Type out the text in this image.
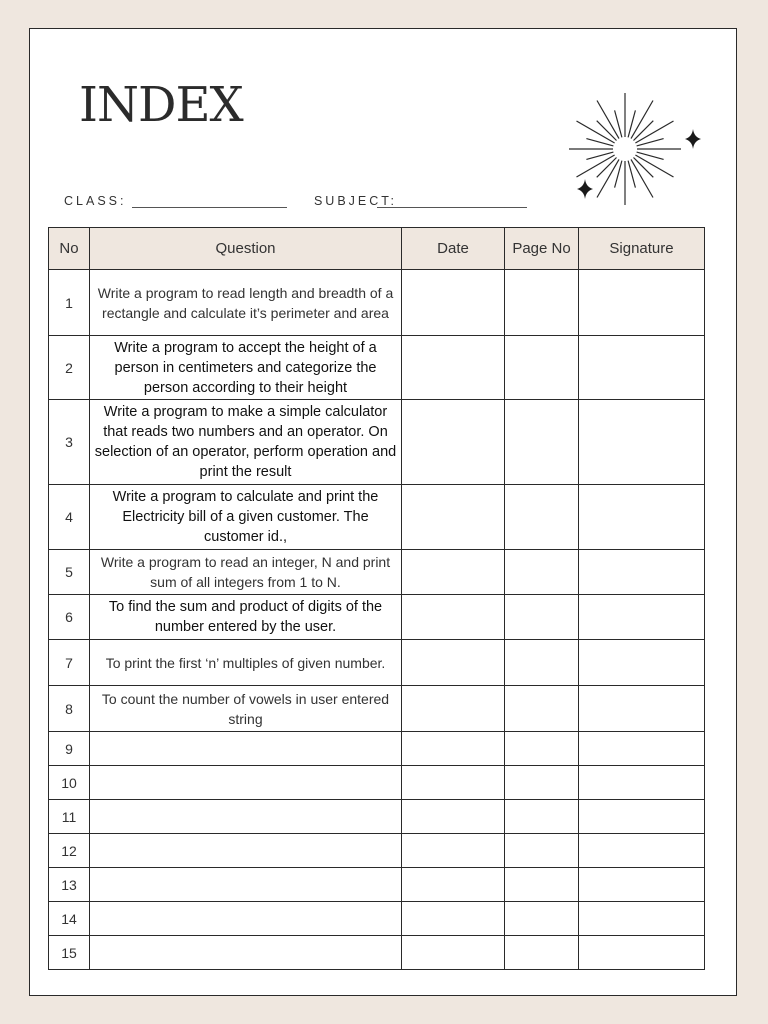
INDEX
CLASS:	SUBJECT:
No	Question	Date	Page No	Signature
1	Write a program to read length and breadth of a rectangle and calculate it’s perimeter and area			
2	Write a program to accept the height of a person in centimeters and categorize the person according to their height			
3	Write a program to make a simple calculator that reads two numbers and an operator. On selection of an operator, perform operation and print the result			
4	Write a program to calculate and print the Electricity bill of a given customer. The customer id.,			
5	Write a program to read an integer, N and print sum of all integers from 1 to N.			
6	To find the sum and product of digits of the number entered by the user.			
7	To print the first ‘n’ multiples of given number.			
8	To count the number of vowels in user entered string			
9				
10				
11				
12				
13				
14				
15				
